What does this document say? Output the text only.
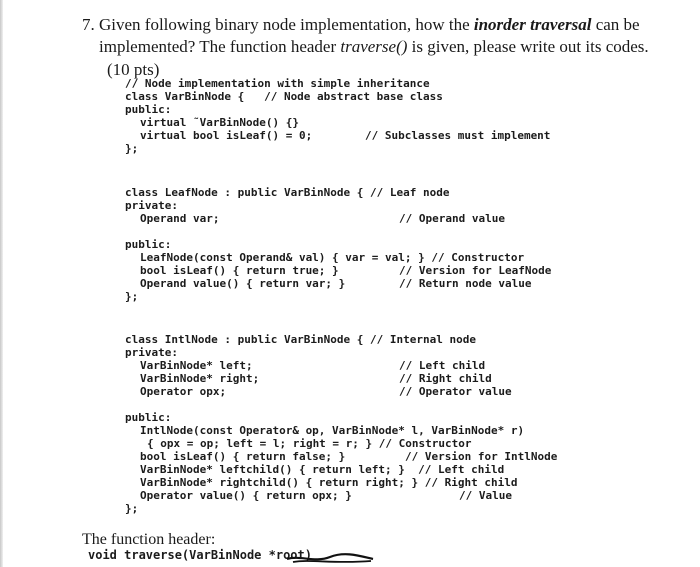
7. Given following binary node implementation, how the inorder traversal can be implemented? The function header traverse() is given, please write out its codes.
(10 pts)
// Node implementation with simple inheritance
class VarBinNode {   // Node abstract base class
public:
virtual ˜VarBinNode() {}
virtual bool isLeaf() = 0;	// Subclasses must implement
};
class LeafNode : public VarBinNode { // Leaf node
private:
Operand var;	// Operand value
public:
LeafNode(const Operand& val) { var = val; } // Constructor
bool isLeaf() { return true; }	// Version for LeafNode
Operand value() { return var; }	// Return node value
};
class IntlNode : public VarBinNode { // Internal node
private:
VarBinNode* left;	// Left child
VarBinNode* right;	// Right child
Operator opx;	// Operator value
public:
IntlNode(const Operator& op, VarBinNode* l, VarBinNode* r)
{ opx = op; left = l; right = r; } // Constructor
bool isLeaf() { return false; }	// Version for IntlNode
VarBinNode* leftchild() { return left; }  // Left child
VarBinNode* rightchild() { return right; } // Right child
Operator value() { return opx; }	// Value
};
The function header:
void traverse(VarBinNode *root)
